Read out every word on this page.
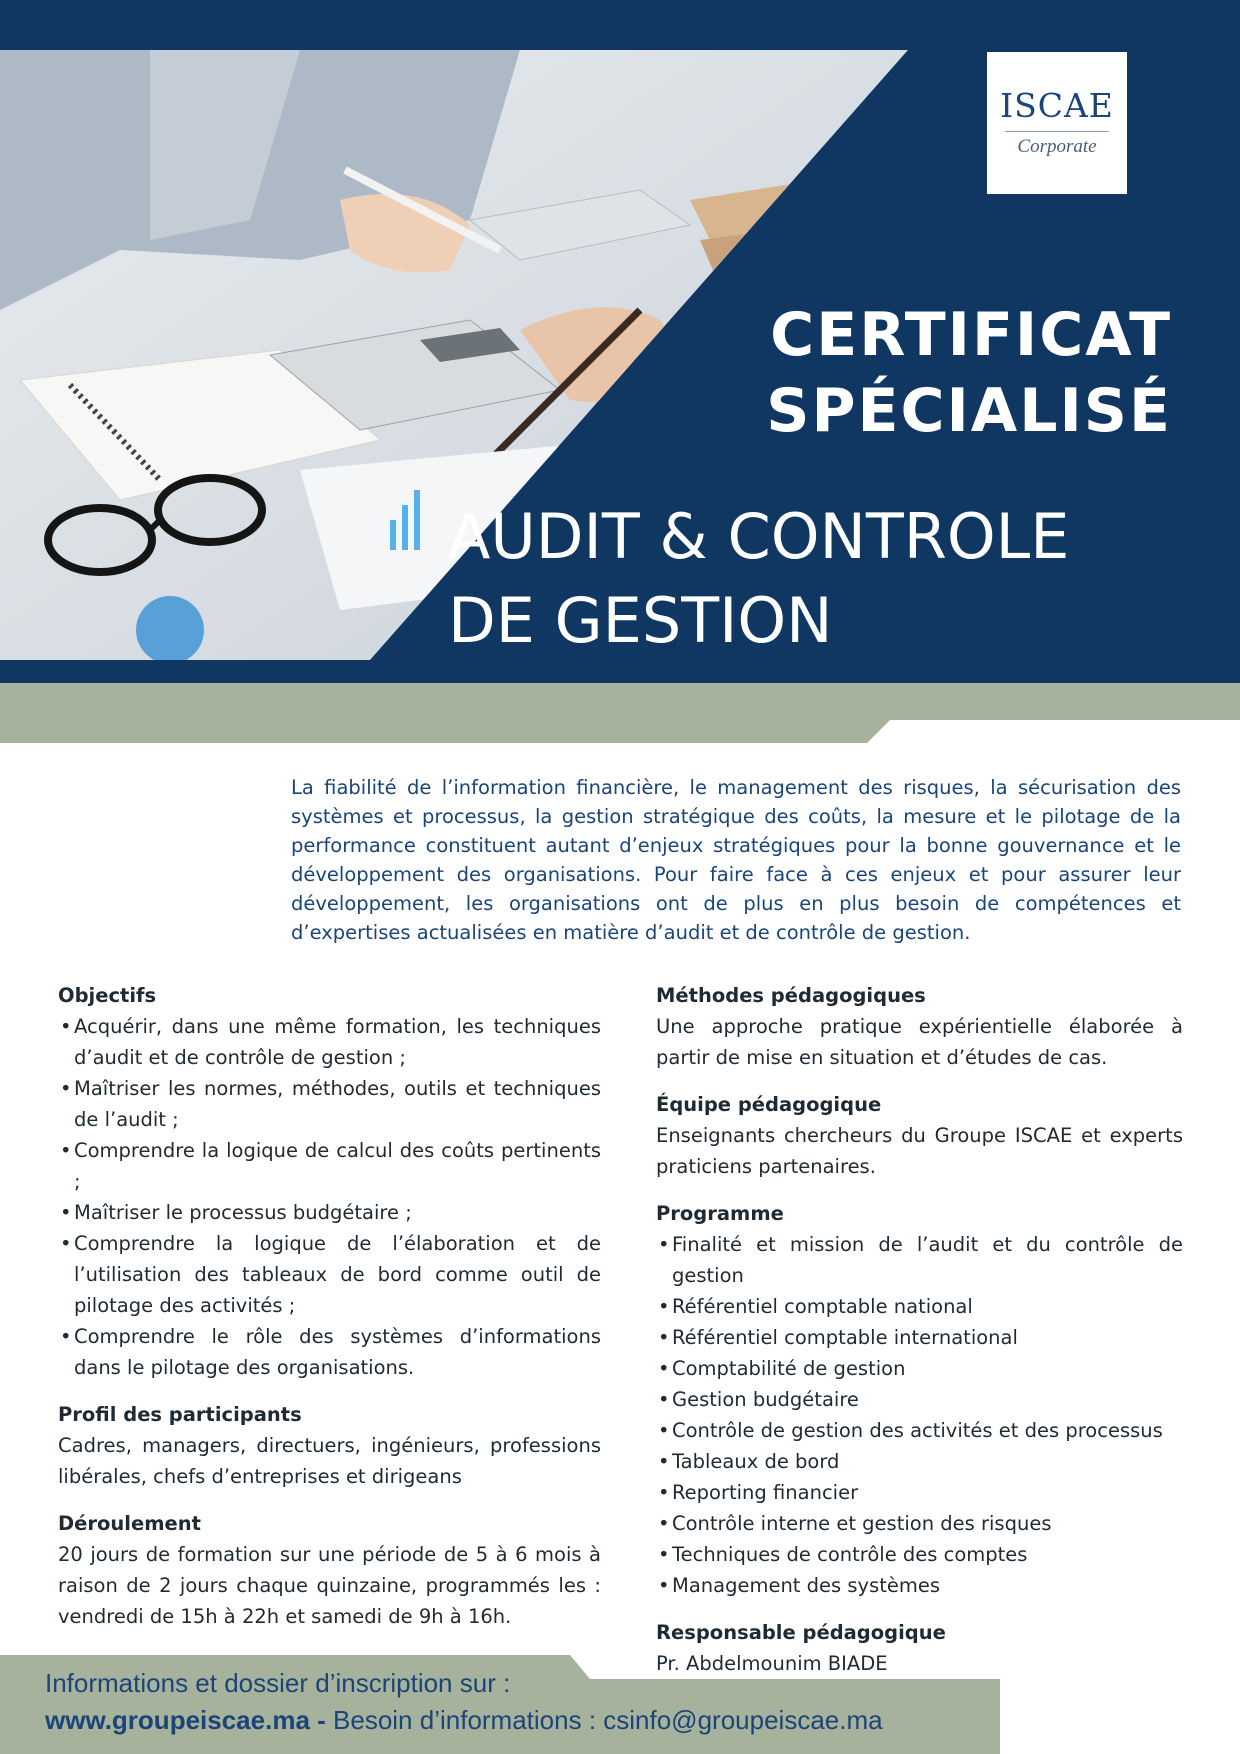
ISCAE
Corporate
CERTIFICAT
SPÉCIALISÉ
AUDIT & CONTROLE
DE GESTION

La fiabilité de l’information financière, le management des risques, la sécurisation des systèmes et processus, la gestion stratégique des coûts, la mesure et le pilotage de la performance constituent autant d’enjeux stratégiques pour la bonne gouvernance et le développement des organisations. Pour faire face à ces enjeux et pour assurer leur développement, les organisations ont de plus en plus besoin de compétences et d’expertises actualisées en matière d’audit et de contrôle de gestion.

Objectifs

• Acquérir, dans une même formation, les techniques d’audit et de contrôle de gestion ;
• Maîtriser les normes, méthodes, outils et techniques de l’audit ;
• Comprendre la logique de calcul des coûts pertinents ;
• Maîtriser le processus budgétaire ;
• Comprendre la logique de l’élaboration et de l’utilisation des tableaux de bord comme outil de pilotage des activités ;
• Comprendre le rôle des systèmes d’informations dans le pilotage des organisations.

Profil des participants

Cadres, managers, directuers, ingénieurs, professions libérales, chefs d’entreprises et dirigeans

Déroulement

20 jours de formation sur une période de 5 à 6 mois à raison de 2 jours chaque quinzaine, programmés les : vendredi de 15h à 22h et samedi de 9h à 16h.

Méthodes pédagogiques

Une approche pratique expérientielle élaborée à partir de mise en situation et d’études de cas.

Équipe pédagogique

Enseignants chercheurs du Groupe ISCAE et experts praticiens partenaires.

Programme

• Finalité et mission de l’audit et du contrôle de gestion
• Référentiel comptable national
• Référentiel comptable international
• Comptabilité de gestion
• Gestion budgétaire
• Contrôle de gestion des activités et des processus
• Tableaux de bord
• Reporting financier
• Contrôle interne et gestion des risques
• Techniques de contrôle des comptes
• Management des systèmes

Responsable pédagogique

Pr. Abdelmounim BIADE

Informations et dossier d’inscription sur :
www.groupeiscae.ma - Besoin d’informations : csinfo@groupeiscae.ma
